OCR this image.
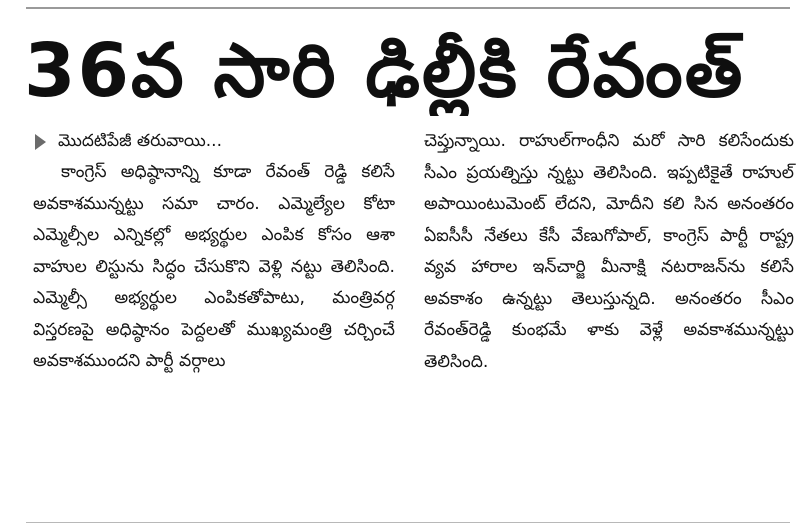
36వ సారి ఢిల్లీకి రేవంత్
మొదటిపేజీ తరువాయి...

కాంగ్రెస్ అధిష్ఠానాన్ని కూడా రేవంత్ రెడ్డి కలిసే అవకాశమున్నట్టు సమా చారం. ఎమ్మెల్యేల కోటా ఎమ్మెల్సీల ఎన్నికల్లో అభ్యర్థుల ఎంపిక కోసం ఆశా వాహుల లిస్టును సిద్ధం చేసుకొని వెళ్లి నట్టు తెలిసింది. ఎమ్మెల్సీ అభ్యర్థుల ఎంపికతోపాటు, మంత్రివర్గ విస్తరణపై అధిష్ఠానం పెద్దలతో ముఖ్యమంత్రి చర్చించే అవకాశముందని పార్టీ వర్గాలు

చెప్తున్నాయి. రాహుల్‌గాంధీని మరో సారి కలిసేందుకు సీఎం ప్రయత్నిస్తు న్నట్టు తెలిసింది. ఇప్పటికైతే రాహుల్ అపాయింటుమెంట్ లేదని, మోదీని కలి సిన అనంతరం ఏఐసీసీ నేతలు కేసీ వేణుగోపాల్, కాంగ్రెస్ పార్టీ రాష్ట్ర వ్యవ హారాల ఇన్‌చార్జి మీనాక్షి నటరాజన్‌ను కలిసే అవకాశం ఉన్నట్టు తెలుస్తున్నది. అనంతరం సీఎం రేవంత్‌రెడ్డి కుంభమే ళాకు వెళ్లే అవకాశమున్నట్టు తెలిసింది.
